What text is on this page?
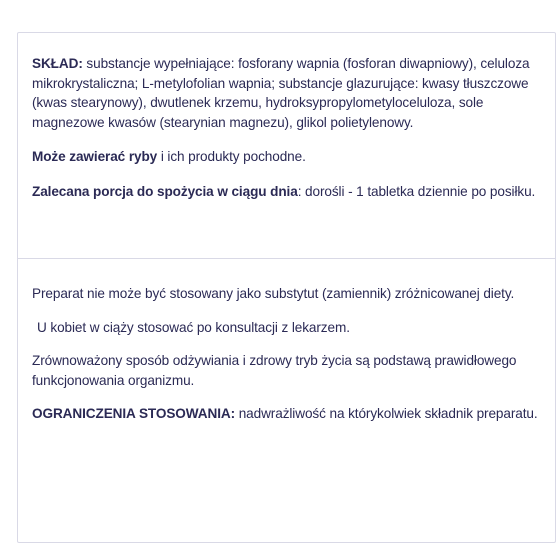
SKŁAD: substancje wypełniające: fosforany wapnia (fosforan diwapniowy), celuloza mikrokrystaliczna; L-metylofolian wapnia; substancje glazurujące: kwasy tłuszczowe (kwas stearynowy), dwutlenek krzemu, hydroksypropylometyloceluloza, sole magnezowe kwasów (stearynian magnezu), glikol polietylenowy.

Może zawierać ryby i ich produkty pochodne.

Zalecana porcja do spożycia w ciągu dnia: dorośli - 1 tabletka dziennie po posiłku.

Preparat nie może być stosowany jako substytut (zamiennik) zróżnicowanej diety.

U kobiet w ciąży stosować po konsultacji z lekarzem.

Zrównoważony sposób odżywiania i zdrowy tryb życia są podstawą prawidłowego funkcjonowania organizmu.

OGRANICZENIA STOSOWANIA: nadwrażliwość na którykolwiek składnik preparatu.
